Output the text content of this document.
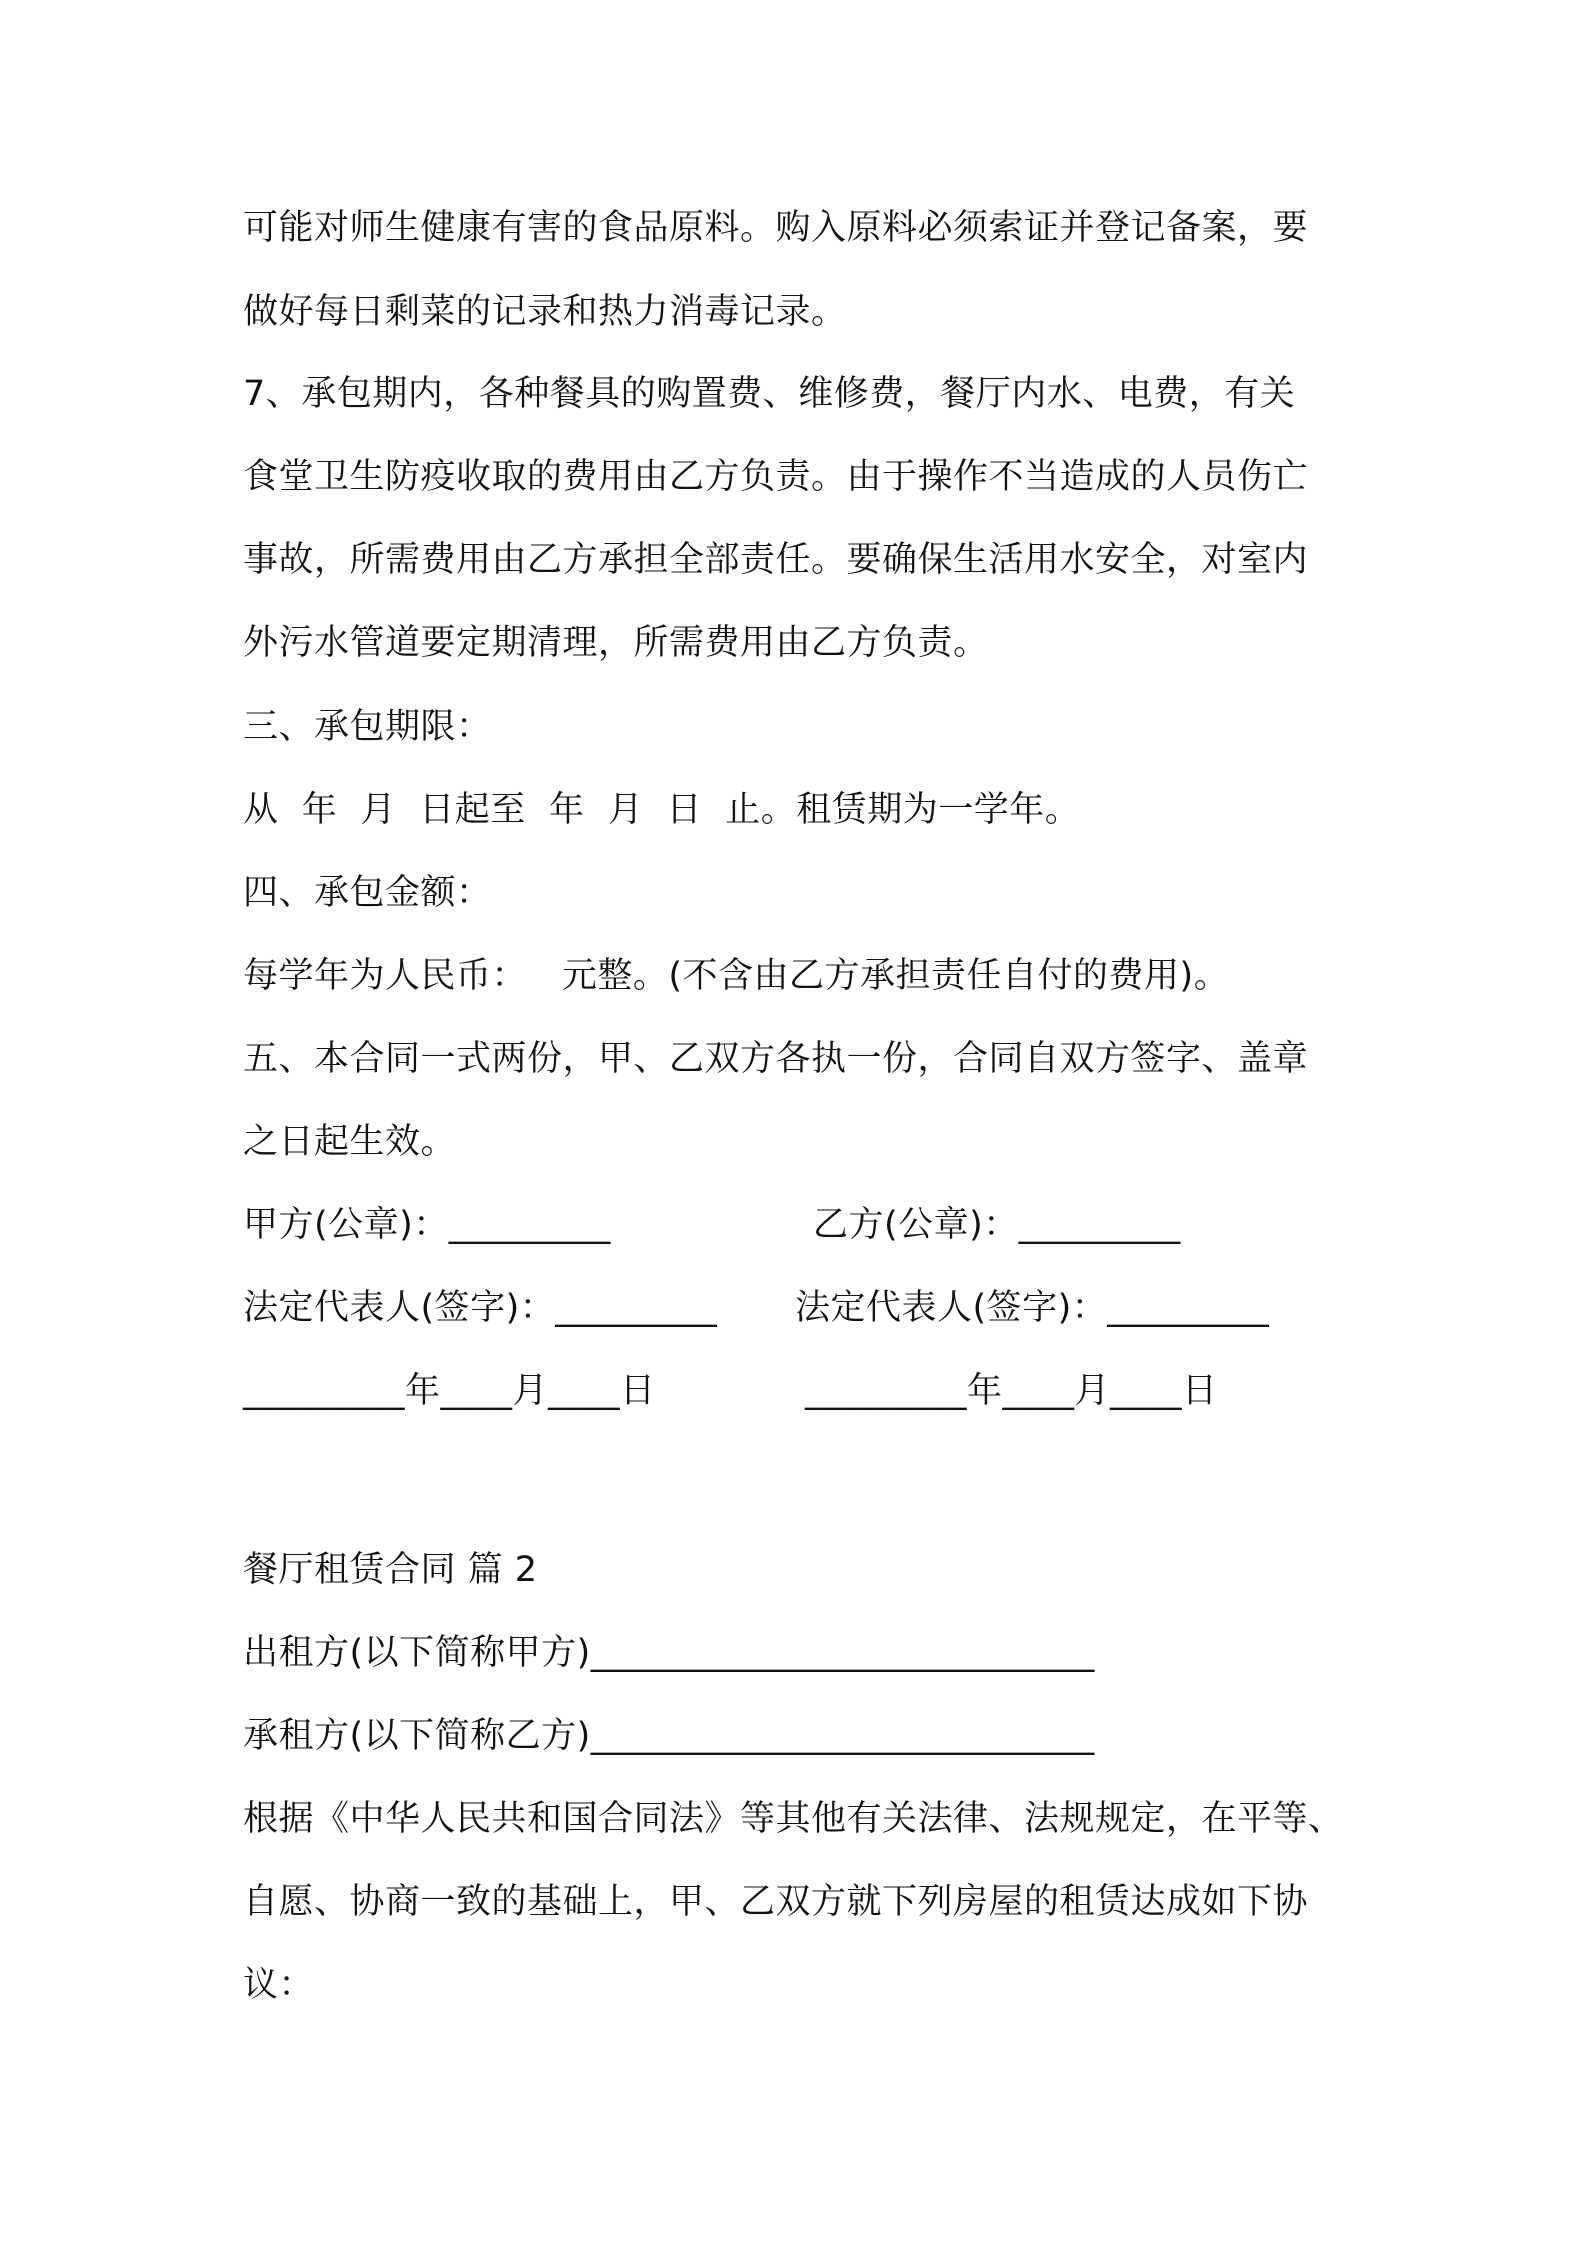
可能对师生健康有害的食品原料。购入原料必须索证并登记备案，要
做好每日剩菜的记录和热力消毒记录。
7、承包期内，各种餐具的购置费、维修费，餐厅内水、电费，有关
食堂卫生防疫收取的费用由乙方负责。由于操作不当造成的人员伤亡
事故，所需费用由乙方承担全部责任。要确保生活用水安全，对室内
外污水管道要定期清理，所需费用由乙方负责。
三、承包期限：
从  年  月  日起至  年  月  日  止。租赁期为一学年。
四、承包金额：
每学年为人民币：   元整。(不含由乙方承担责任自付的费用)。
五、本合同一式两份，甲、乙双方各执一份，合同自双方签字、盖章
之日起生效。
甲方(公章)：_________	乙方(公章)：_________
法定代表人(签字)：_________ 法定代表人(签字)：_________
_________年____月____日	_________年____月____日
餐厅租赁合同 篇 2
出租方(以下简称甲方)____________________________
承租方(以下简称乙方)____________________________
根据《中华人民共和国合同法》等其他有关法律、法规规定，在平等、
自愿、协商一致的基础上，甲、乙双方就下列房屋的租赁达成如下协
议：
